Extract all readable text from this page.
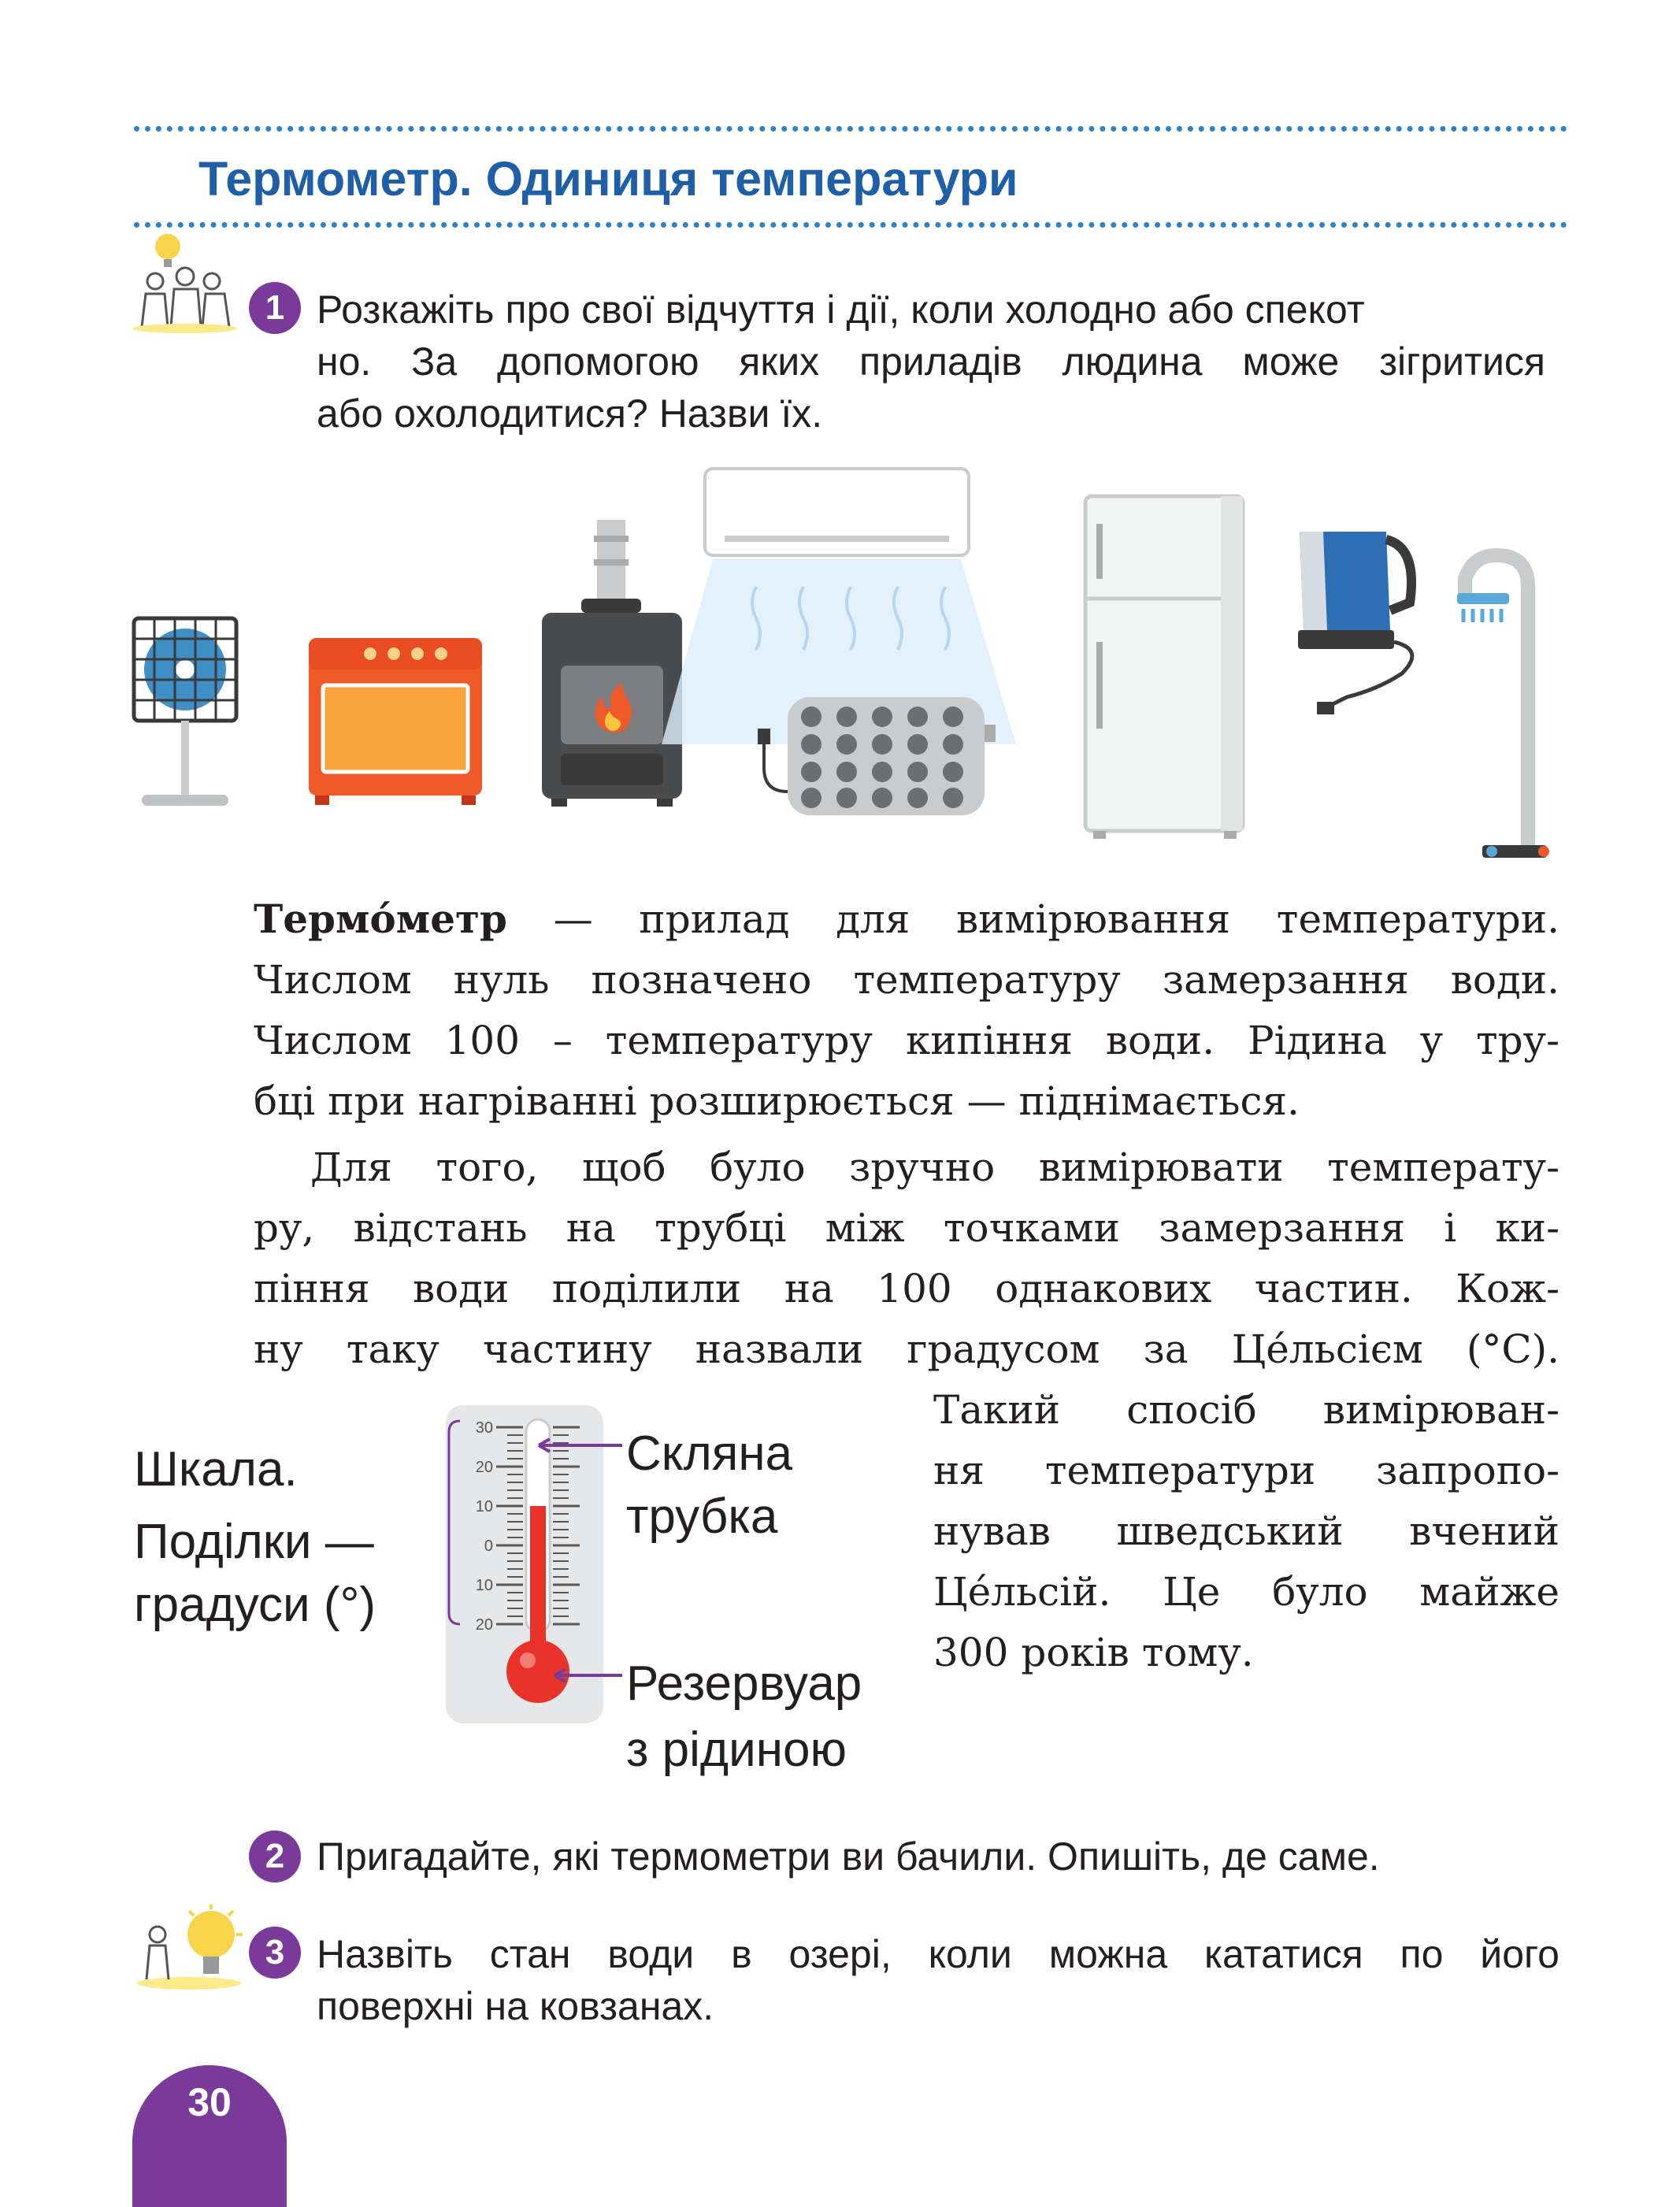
Термометр. Одиниця температури
1 Розкажіть про свої відчуття і дії, коли холодно або спекот
но. За допомогою яких приладів людина може зігритися
або охолодитися? Назви їх.
Термо́метр — прилад для вимірювання температури.
Числом нуль позначено температуру замерзання води.
Числом 100 – температуру кипіння води. Рідина у тру-
бці при нагріванні розширюється — піднімається.
Для того, щоб було зручно вимірювати температу-
ру, відстань на трубці між точками замерзання і ки-
піння води поділили на 100 однакових частин. Кож-
ну таку частину назвали градусом за Це́льсієм (°С).
Такий спосіб вимірюван-
ня температури запропо-
нував шведський вчений
Це́льсій. Це було майже
300 років тому.
Шкала.
Поділки —
градуси (°)
30
20
10
0
10
20
Скляна
трубка
Резервуар
з рідиною
2 Пригадайте, які термометри ви бачили. Опишіть, де саме.
3 Назвіть стан води в озері, коли можна кататися по його
поверхні на ковзанах.
30
